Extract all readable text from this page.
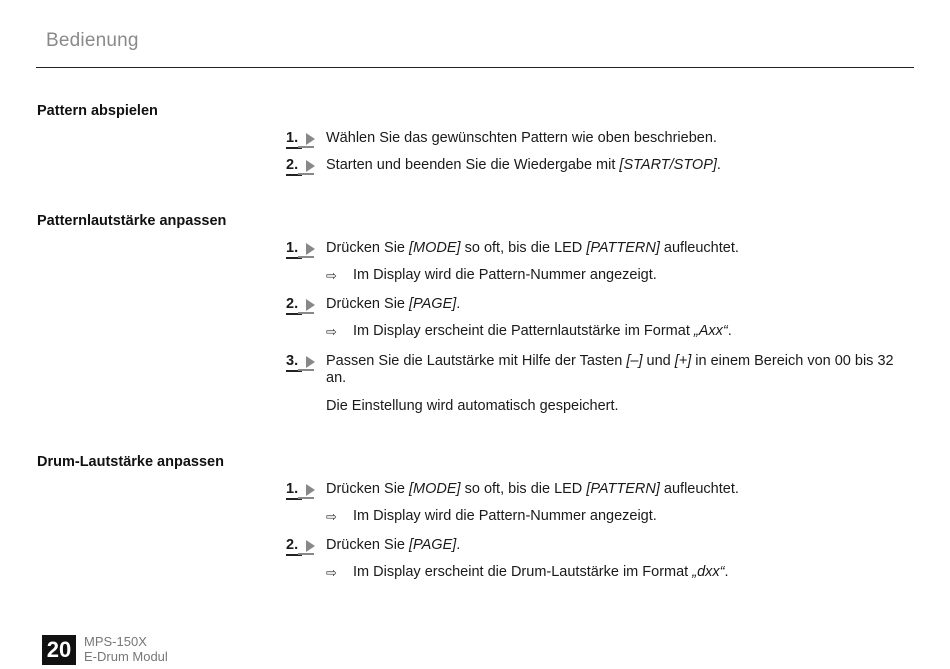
Bedienung
Pattern abspielen
1.	Wählen Sie das gewünschten Pattern wie oben beschrieben.
2.	Starten und beenden Sie die Wiedergabe mit [START/STOP].
Patternlautstärke anpassen
1.	Drücken Sie [MODE] so oft, bis die LED [PATTERN] aufleuchtet.
⇨ Im Display wird die Pattern-Nummer angezeigt.
2.	Drücken Sie [PAGE].
⇨ Im Display erscheint die Patternlautstärke im Format „Axx“.
3.	Passen Sie die Lautstärke mit Hilfe der Tasten [–] und [+] in einem Bereich von 00 bis 32 an.
Die Einstellung wird automatisch gespeichert.
Drum-Lautstärke anpassen
1.	Drücken Sie [MODE] so oft, bis die LED [PATTERN] aufleuchtet.
⇨ Im Display wird die Pattern-Nummer angezeigt.
2.	Drücken Sie [PAGE].
⇨ Im Display erscheint die Drum-Lautstärke im Format „dxx“.
20 MPS-150X
E-Drum Modul
